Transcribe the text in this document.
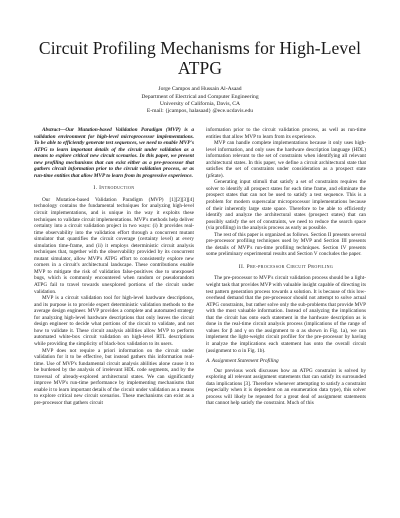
Circuit Profiling Mechanisms for High-Level ATPG
Jorge Campos and Hussain Al-Asaad
Department of Electrical and Computer Engineering
University of California, Davis, CA
E-mail: {jcampos, halasaad} @ece.ucdavis.edu

Abstract—Our Mutation-based Validation Paradigm (MVP) is a validation environment for high-level microprocessor implementations. To be able to efficiently generate test sequences, we need to enable MVP's ATPG to learn important details of the circuit under validation as a means to explore critical new circuit scenarios. In this paper, we present new profiling mechanisms that can exist either as a pre-processor that gathers circuit information prior to the circuit validation process, or as run-time entities that allow MVP to learn from its progressive experience.

I. Introduction

Our Mutation-based Validation Paradigm (MVP) [1][2][3][4] technology contains the fundamental techniques for analyzing high-level circuit implementations, and is unique in the way it exploits these techniques to validate circuit implementations. MVP's methods help deliver certainty into a circuit validation project in two ways: (i) It provides real-time observability into the validation effort through a concurrent mutant simulator that quantifies the circuit coverage (certainty level) at every simulation time-frame, and (ii) it employs deterministic circuit analysis techniques that, together with the observability provided by its concurrent mutant simulator, allow MVP's ATPG effort to consistently explore new corners in a circuit's architectural landscape. These contributions enable MVP to mitigate the risk of validation false-positives due to unexposed bugs, which is commonly encountered when random or pseudorandom ATPG fail to travel towards unexplored portions of the circuit under validation.

MVP is a circuit validation tool for high-level hardware descriptions, and its purpose is to provide expert deterministic validation methods to the average design engineer. MVP provides a complete and automated strategy for analyzing high-level hardware descriptions that only leaves the circuit design engineer to decide what portions of the circuit to validate, and not how to validate it. These circuit analysis abilities allow MVP to perform automated white-box circuit validation on high-level RTL descriptions while providing the simplicity of black-box validation to its users.

MVP does not require a priori information on the circuit under validation for it to be effective, but instead gathers this information real-time. Use of MVP's fundamental circuit analysis abilities alone cause it to be burdened by the analysis of irrelevant HDL code segments, and by the traversal of already-explored architectural states. We can significantly improve MVP's run-time performance by implementing mechanisms that enable it to learn important details of the circuit under validation as a means to explore critical new circuit scenarios. These mechanisms can exist as a pre-processor that gathers circuit

information prior to the circuit validation process, as well as run-time entities that allow MVP to learn from its experience.

MVP can handle complete implementations because it only uses high-level information, and only uses the hardware description language (HDL) information relevant to the set of constraints when identifying all relevant architectural states. In this paper, we define a circuit architectural state that satisfies the set of constraints under consideration as a prospect state (pState).

Generating input stimuli that satisfy a set of constraints requires the solver to identify all prospect states for each time frame, and eliminate the prospect states that can not be used to satisfy a test sequence. This is a problem for modern superscalar microprocessor implementations because of their inherently large state space. Therefore to be able to efficiently identify and analyze the architectural states (prospect states) that can possibly satisfy the set of constraints, we need to reduce the search space (via profiling) in the analysis process as early as possible.

The rest of this paper is organized as follows. Section II presents several pre-processor profiling techniques used by MVP and Section III presents the details of MVP's run-time profiling techniques. Section IV presents some preliminary experimental results and Section V concludes the paper.

II. Pre-processor Circuit Profiling

The pre-processor to MVP's circuit validation process should be a light-weight task that provides MVP with valuable insight capable of directing its test pattern generation process towards a solution. It is because of this low-overhead demand that the pre-processor should not attempt to solve actual ATPG constraints, but rather solve only the sub-problems that provide MVP with the most valuable information. Instead of analyzing the implications that the circuit has onto each statement in the hardware description as is done in the real-time circuit analysis process (implications of the range of values for β and γ on the assignment to α as shown in Fig. 1a), we can implement the light-weight circuit profiler for the pre-processor by having it analyze the implications each statement has onto the overall circuit (assignment to α in Fig. 1b).

A. Assignment Statement Profiling

Our previous work discusses how an ATPG constraint is solved by exploring all relevant assignment statements that can satisfy its surrounded data implications [3]. Therefore whenever attempting to satisfy a constraint (especially when it is dependent on an enumeration data type), this solver process will likely be repeated for a great deal of assignment statements that cannot help satisfy the constraint. Much of this
